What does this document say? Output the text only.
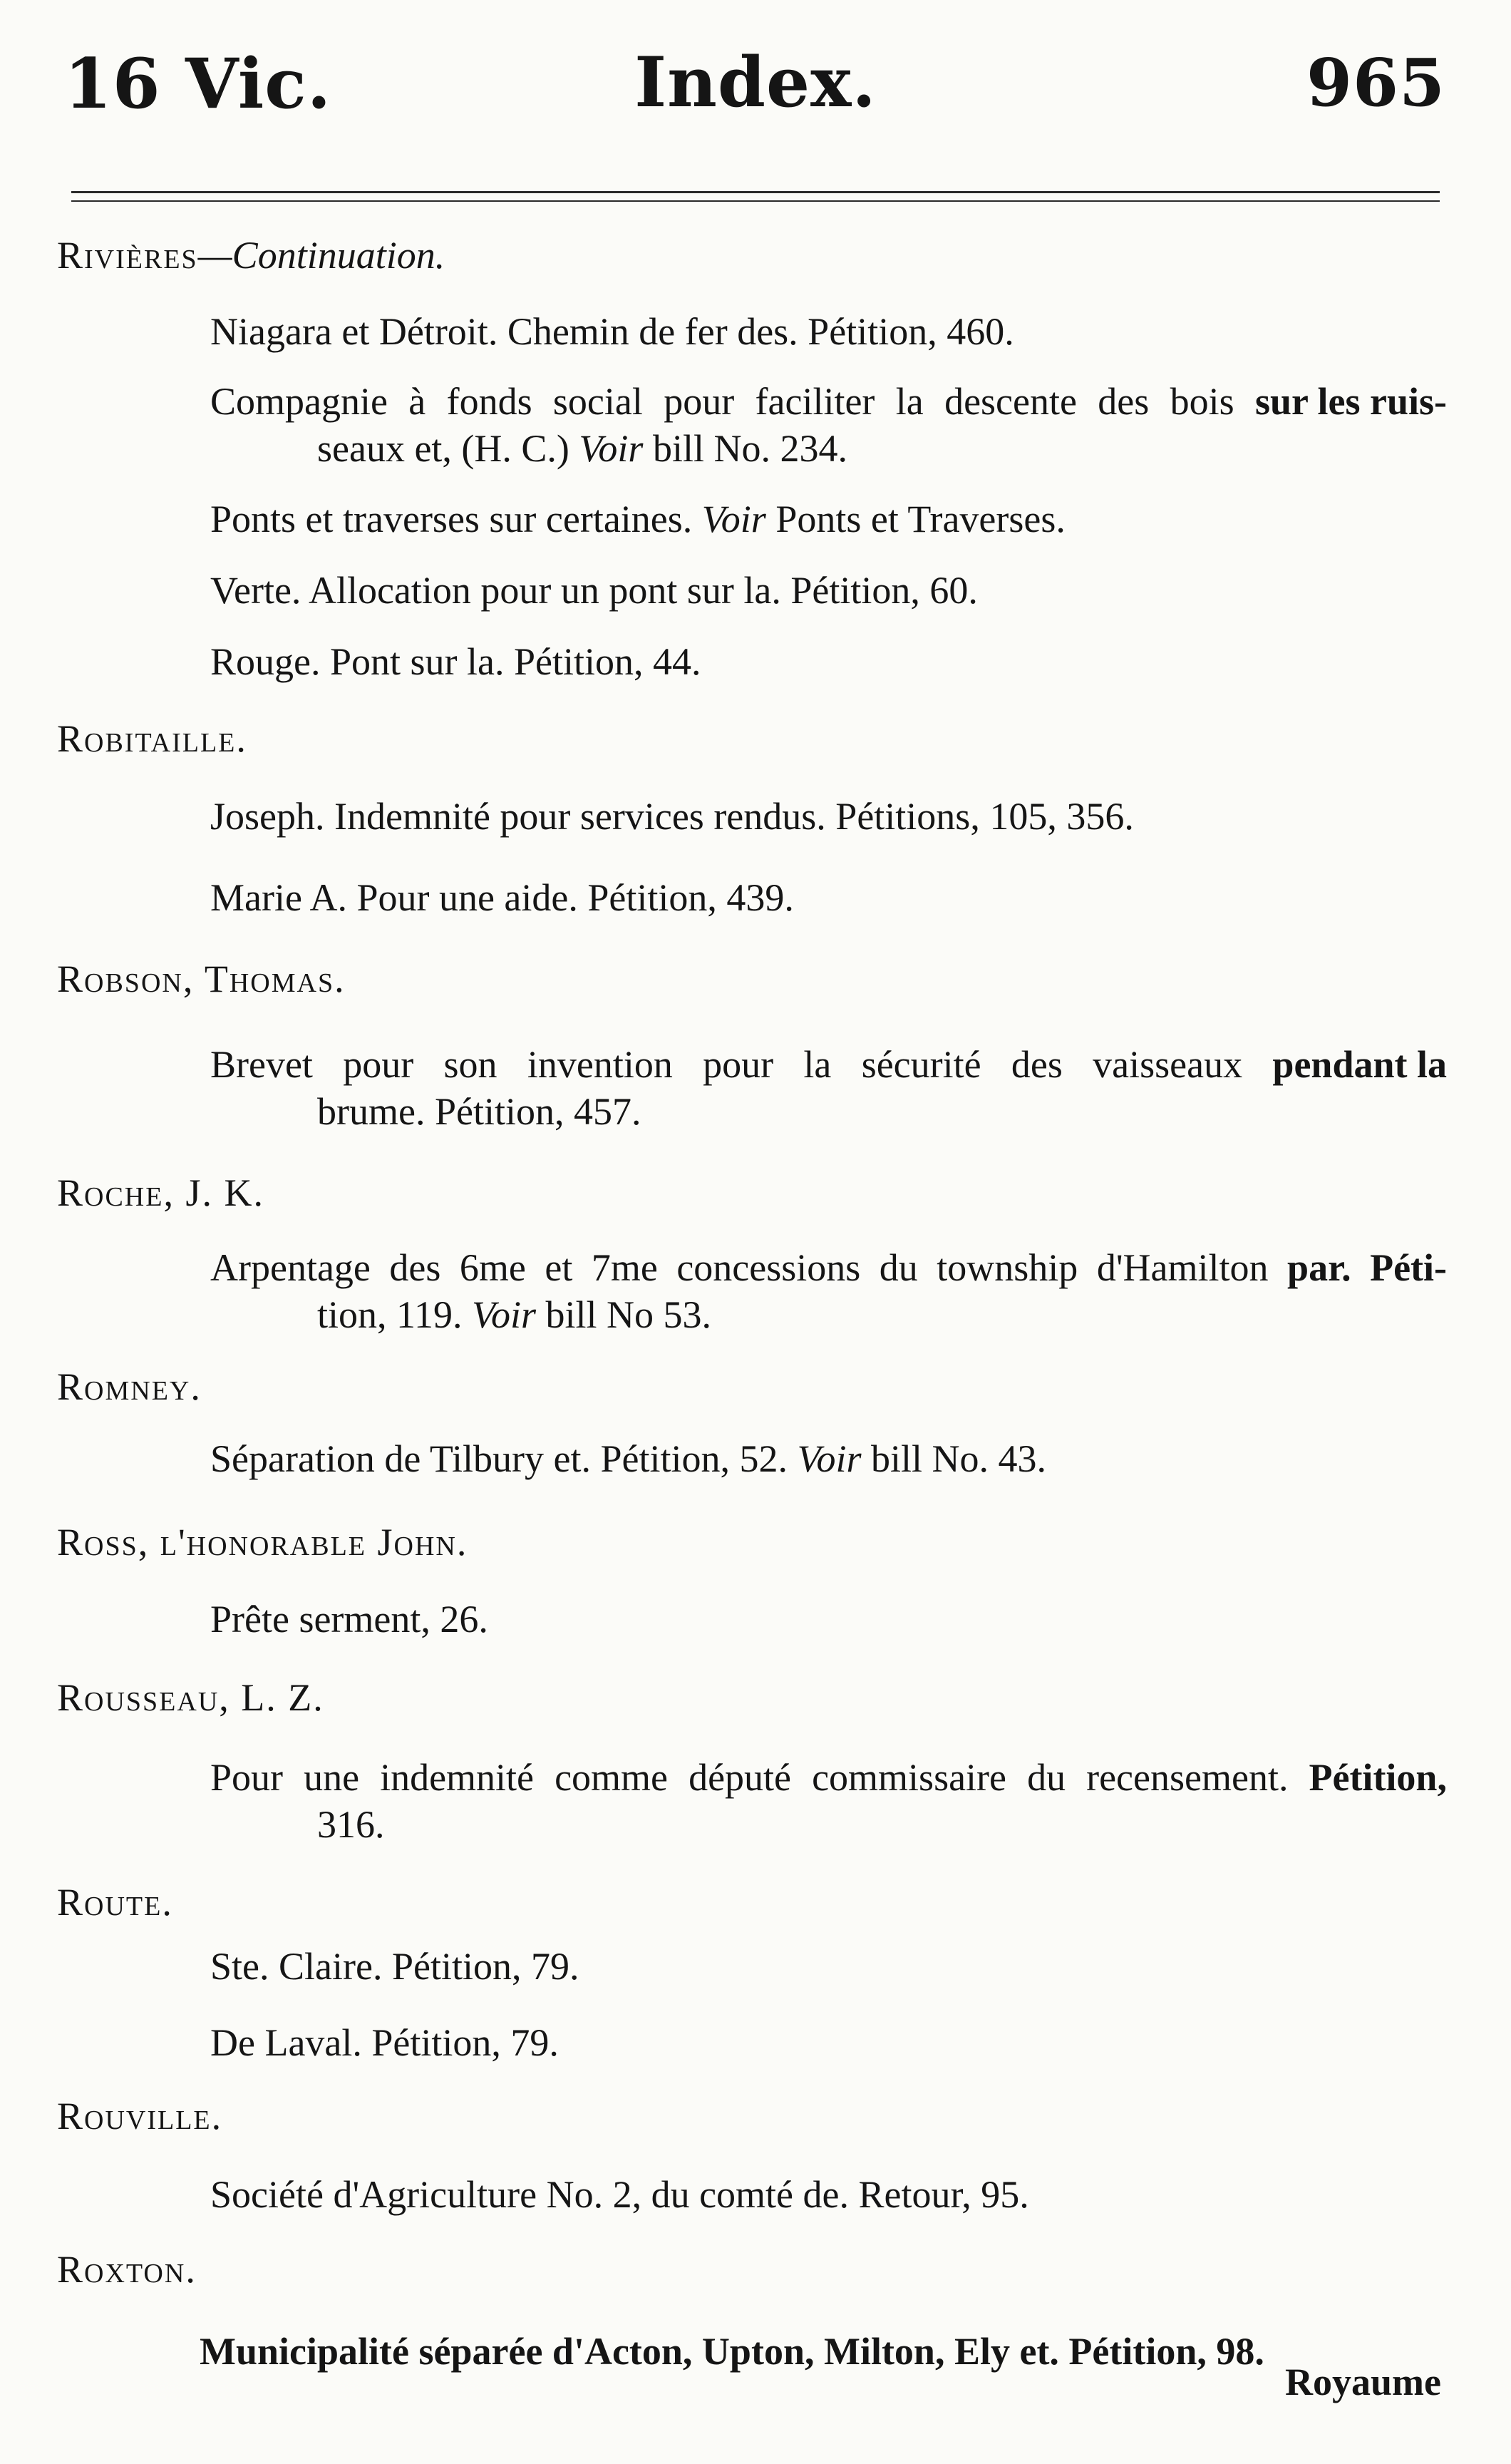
16 Vic.	Index.	965
Rivières—Continuation.
Niagara et Détroit. Chemin de fer des. Pétition, 460.
Compagnie à fonds social pour faciliter la descente des bois sur les ruis-
seaux et, (H. C.) Voir bill No. 234.
Ponts et traverses sur certaines. Voir Ponts et Traverses.
Verte. Allocation pour un pont sur la. Pétition, 60.
Rouge. Pont sur la. Pétition, 44.
Robitaille.
Joseph. Indemnité pour services rendus. Pétitions, 105, 356.
Marie A. Pour une aide. Pétition, 439.
Robson, Thomas.
Brevet pour son invention pour la sécurité des vaisseaux pendant la
brume. Pétition, 457.
Roche, J. K.
Arpentage des 6me et 7me concessions du township d'Hamilton par. Péti-
tion, 119. Voir bill No 53.
Romney.
Séparation de Tilbury et. Pétition, 52. Voir bill No. 43.
Ross, l'honorable John.
Prête serment, 26.
Rousseau, L. Z.
Pour une indemnité comme député commissaire du recensement. Pétition,
316.
Route.
Ste. Claire. Pétition, 79.
De Laval. Pétition, 79.
Rouville.
Société d'Agriculture No. 2, du comté de. Retour, 95.
Roxton.
Municipalité séparée d'Acton, Upton, Milton, Ely et. Pétition, 98.
Royaume
